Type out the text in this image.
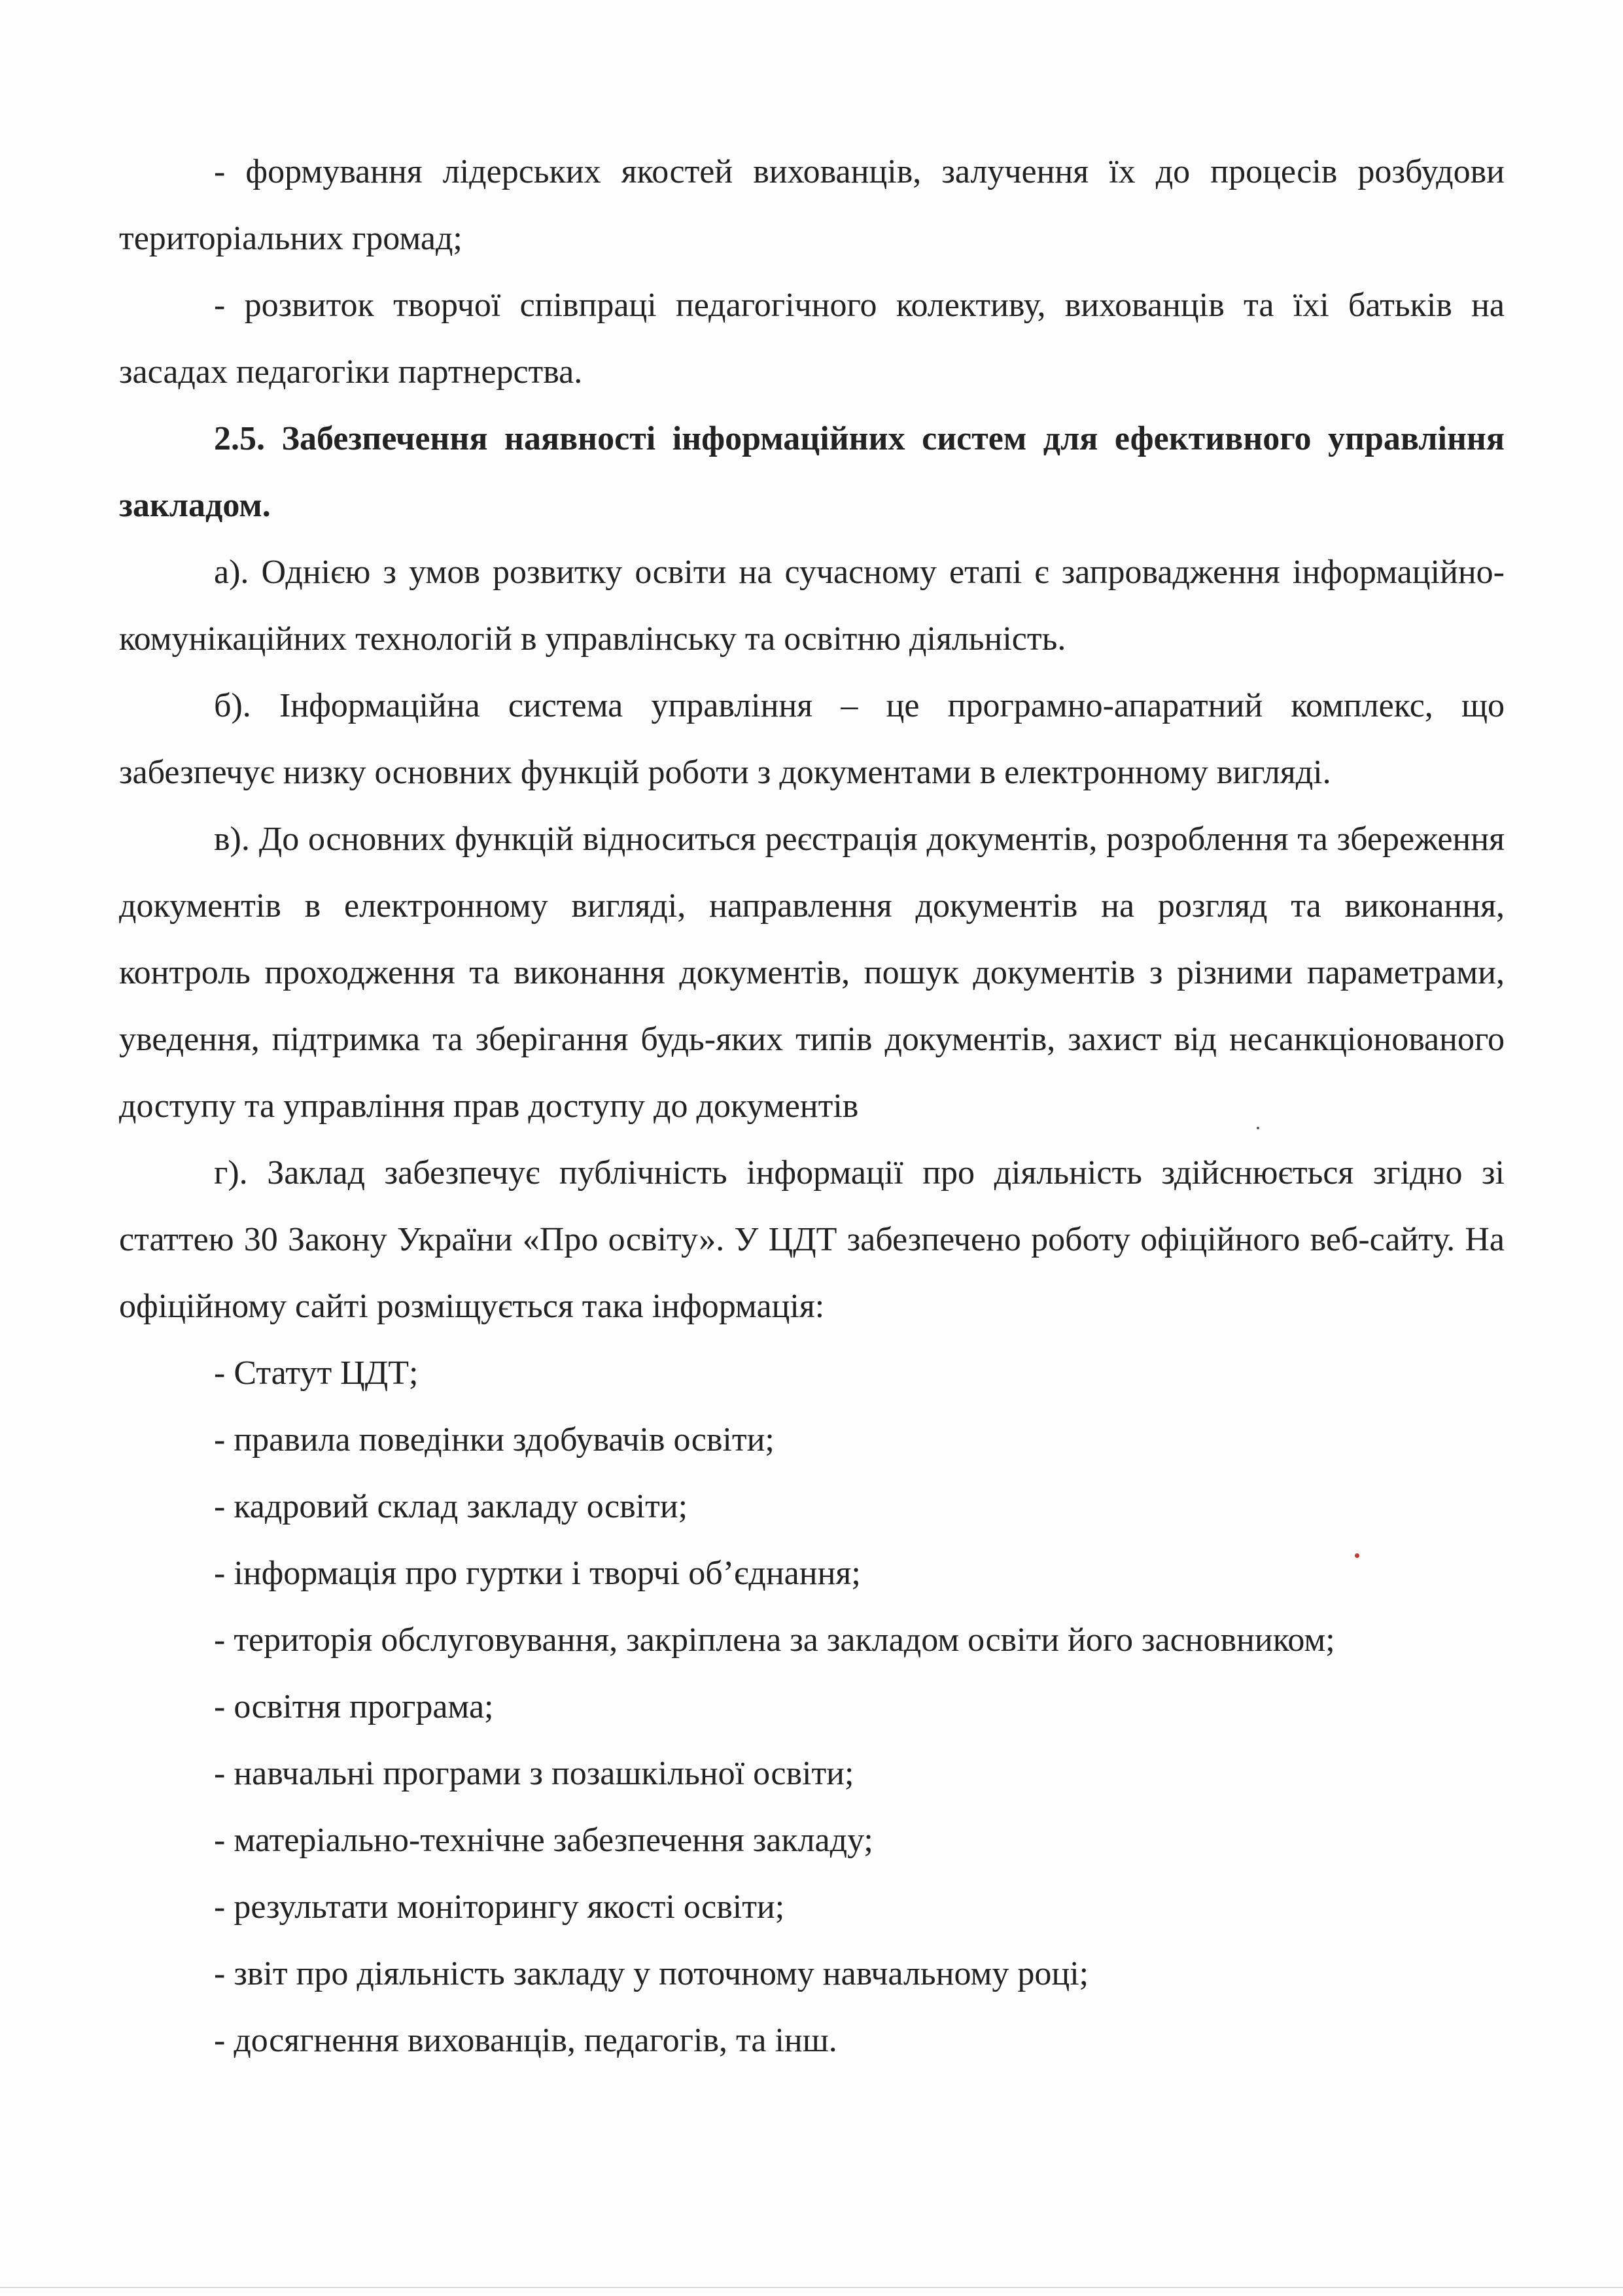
- формування лідерських якостей вихованців, залучення їх до процесів розбудови територіальних громад;

- розвиток творчої співпраці педагогічного колективу, вихованців та їхі батьків на засадах педагогіки партнерства.

2.5. Забезпечення наявності інформаційних систем для ефективного управління закладом.

а). Однією з умов розвитку освіти на сучасному етапі є запровадження інформаційно-комунікаційних технологій в управлінську та освітню діяльність.

б). Інформаційна система управління – це програмно-апаратний комплекс, що забезпечує низку основних функцій роботи з документами в електронному вигляді.

в). До основних функцій відноситься реєстрація документів, розроблення та збереження документів в електронному вигляді, направлення документів на розгляд та виконання, контроль проходження та виконання документів, пошук документів з різними параметрами, уведення, підтримка та зберігання будь-яких типів документів, захист від несанкціонованого доступу та управління прав доступу до документів

г). Заклад забезпечує публічність інформації про діяльність здійснюється згідно зі статтею 30 Закону України «Про освіту». У ЦДТ забезпечено роботу офіційного веб-сайту. На офіційному сайті розміщується така інформація:

- Статут ЦДТ;

- правила поведінки здобувачів освіти;

- кадровий склад закладу освіти;

- інформація про гуртки і творчі об’єднання;

- територія обслуговування, закріплена за закладом освіти його засновником;

- освітня програма;

- навчальні програми з позашкільної освіти;

- матеріально-технічне забезпечення закладу;

- результати моніторингу якості освіти;

- звіт про діяльність закладу у поточному навчальному році;

- досягнення вихованців, педагогів, та інш.
